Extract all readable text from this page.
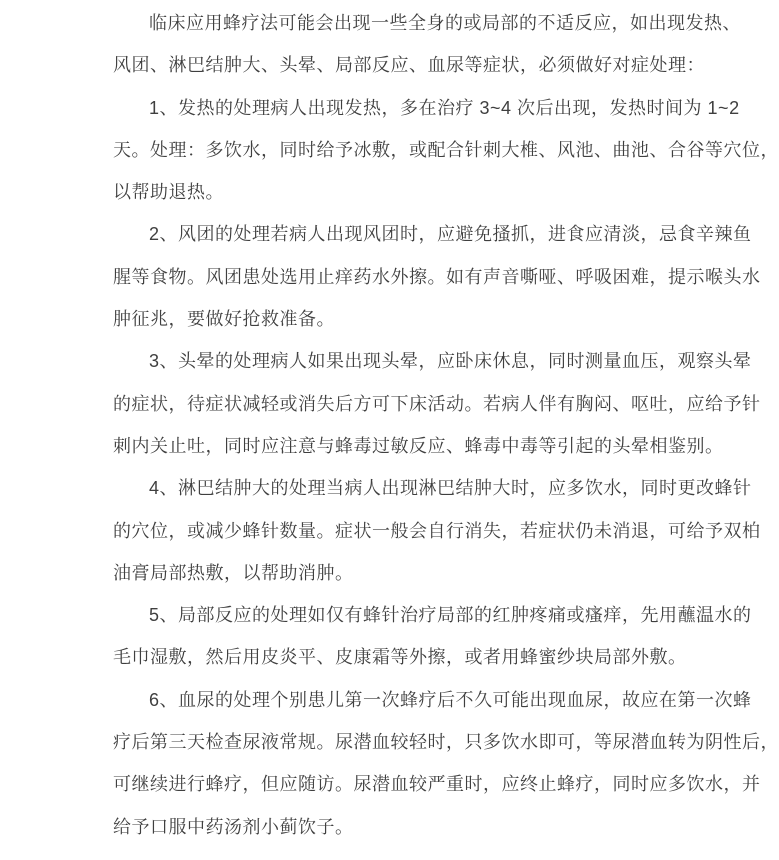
临床应用蜂疗法可能会出现一些全身的或局部的不适反应，如出现发热、
风团、淋巴结肿大、头晕、局部反应、血尿等症状，必须做好对症处理：
1、发热的处理病人出现发热，多在治疗 3~4 次后出现，发热时间为 1~2
天。处理：多饮水，同时给予冰敷，或配合针刺大椎、风池、曲池、合谷等穴位，
以帮助退热。
2、风团的处理若病人出现风团时，应避免搔抓，进食应清淡，忌食辛辣鱼
腥等食物。风团患处选用止痒药水外擦。如有声音嘶哑、呼吸困难，提示喉头水
肿征兆，要做好抢救准备。
3、头晕的处理病人如果出现头晕，应卧床休息，同时测量血压，观察头晕
的症状，待症状减轻或消失后方可下床活动。若病人伴有胸闷、呕吐，应给予针
刺内关止吐，同时应注意与蜂毒过敏反应、蜂毒中毒等引起的头晕相鉴别。
4、淋巴结肿大的处理当病人出现淋巴结肿大时，应多饮水，同时更改蜂针
的穴位，或减少蜂针数量。症状一般会自行消失，若症状仍未消退，可给予双柏
油膏局部热敷，以帮助消肿。
5、局部反应的处理如仅有蜂针治疗局部的红肿疼痛或瘙痒，先用蘸温水的
毛巾湿敷，然后用皮炎平、皮康霜等外擦，或者用蜂蜜纱块局部外敷。
6、血尿的处理个别患儿第一次蜂疗后不久可能出现血尿，故应在第一次蜂
疗后第三天检查尿液常规。尿潜血较轻时，只多饮水即可，等尿潜血转为阴性后，
可继续进行蜂疗，但应随访。尿潜血较严重时，应终止蜂疗，同时应多饮水，并
给予口服中药汤剂小蓟饮子。
